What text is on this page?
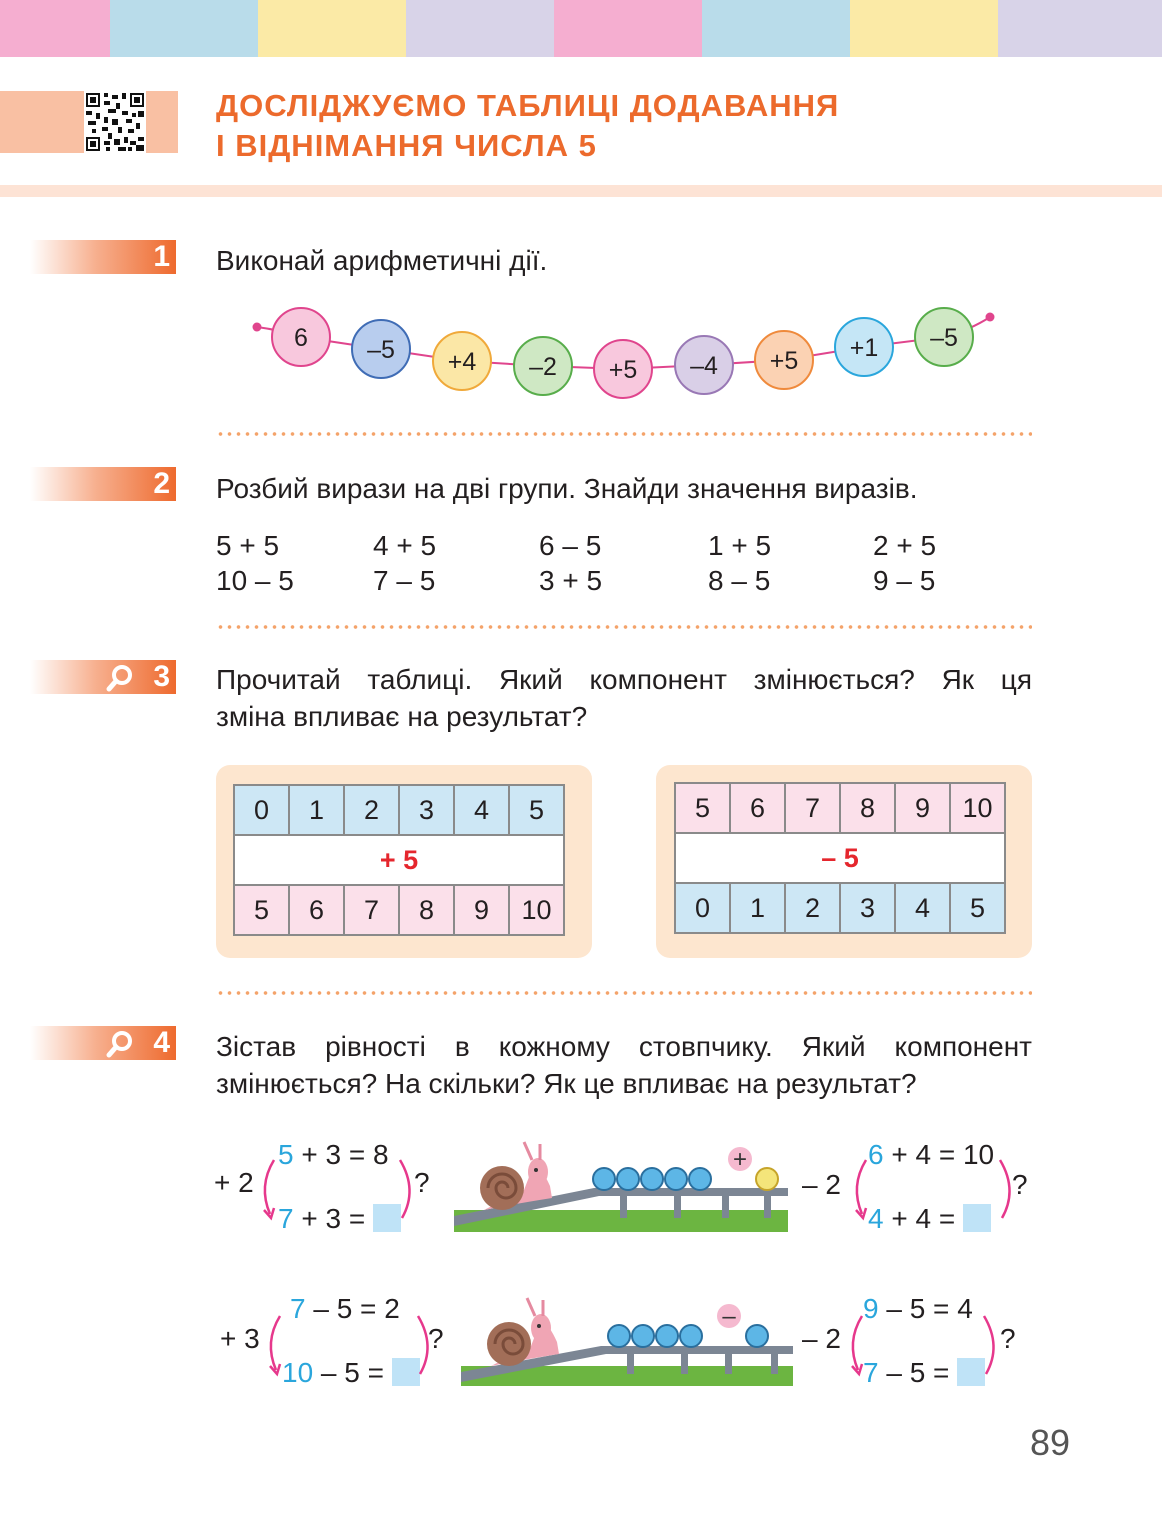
ДОСЛІДЖУЄМО ТАБЛИЦІ ДОДАВАННЯ
І ВІДНІМАННЯ ЧИСЛА 5
1 Виконай арифметичні дії.
6 –5 +4 –2 +5 –4 +5 +1 –5
2 Розбий вирази на дві групи. Знайди значення виразів.
5 + 5	4 + 5	6 – 5	1 + 5	2 + 5
10 – 5	7 – 5	3 + 5	8 – 5	9 – 5
3 Прочитай таблиці. Який компонент змінюється? Як ця
зміна впливає на результат?
0	1	2	3	4	5
+ 5					
5	6	7	8	9	10
5	6	7	8	9	10
– 5					
0	1	2	3	4	5
4 Зістав рівності в кожному стовпчику. Який компонент
змінюється? На скільки? Як це впливає на результат?
+ 2
5 + 3 = 8
7 + 3 =
?
+
– 2
6 + 4 = 10
4 + 4 =
?
+ 3
7 – 5 = 2
10 – 5 =
?
–
– 2
9 – 5 = 4
7 – 5 =
?
89
